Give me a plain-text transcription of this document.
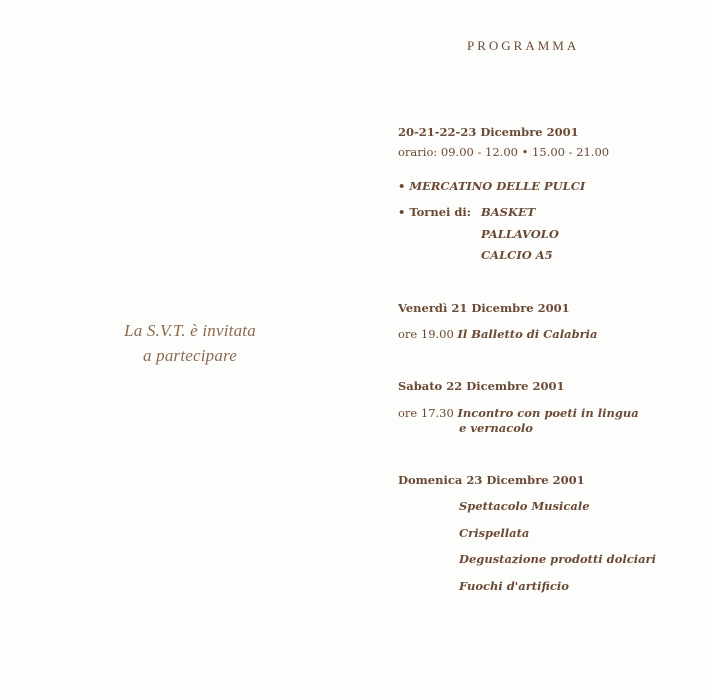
La S.V.T. è invitata
a partecipare
PROGRAMMA
20-21-22-23 Dicembre 2001
orario: 09.00 - 12.00 • 15.00 - 21.00
• MERCATINO DELLE PULCI
• Tornei di: BASKET
PALLAVOLO
CALCIO A5
Venerdì 21 Dicembre 2001
ore 19.00 Il Balletto di Calabria
Sabato 22 Dicembre 2001
ore 17.30 Incontro con poeti in lingua
e vernacolo
Domenica 23 Dicembre 2001
Spettacolo Musicale
Crispellata
Degustazione prodotti dolciari
Fuochi d'artificio
